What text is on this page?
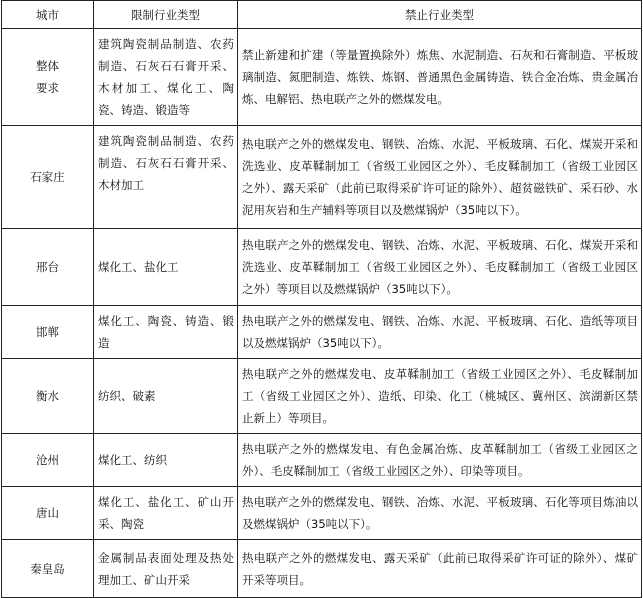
城市	限制行业类型	禁止行业类型

整体要求	建筑陶瓷制品制造、农药制造、石灰石石膏开采、木材加工、煤化工、陶瓷、铸造、锻造等	禁止新建和扩建（等量置换除外）炼焦、水泥制造、石灰和石膏制造、平板玻璃制造、氮肥制造、炼铁、炼钢、普通黑色金属铸造、铁合金冶炼、贵金属冶炼、电解铝、热电联产之外的燃煤发电。
石家庄	建筑陶瓷制品制造、农药制造、石灰石石膏开采、木材加工	热电联产之外的燃煤发电、钢铁、冶炼、水泥、平板玻璃、石化、煤炭开采和洗选业、皮革鞣制加工（省级工业园区之外）、毛皮鞣制加工（省级工业园区之外）、露天采矿（此前已取得采矿许可证的除外）、超贫磁铁矿、采石砂、水泥用灰岩和生产辅料等项目以及燃煤锅炉（35吨以下）。
邢台	煤化工、盐化工	热电联产之外的燃煤发电、钢铁、冶炼、水泥、平板玻璃、石化、煤炭开采和洗选业、皮革鞣制加工（省级工业园区之外）、毛皮鞣制加工（省级工业园区之外）等项目以及燃煤锅炉（35吨以下）。
邯郸	煤化工、陶瓷、铸造、锻造	热电联产之外的燃煤发电、钢铁、冶炼、水泥、平板玻璃、石化、造纸等项目以及燃煤锅炉（35吨以下）。
衡水	纺织、破素	热电联产之外的燃煤发电、皮革鞣制加工（省级工业园区之外）、毛皮鞣制加工（省级工业园区之外）、造纸、印染、化工（桃城区、冀州区、滨湖新区禁止新上）等项目。
沧州	煤化工、纺织	热电联产之外的燃煤发电、有色金属冶炼、皮革鞣制加工（省级工业园区之外）、毛皮鞣制加工（省级工业园区之外）、印染等项目。
唐山	煤化工、盐化工、矿山开采、陶瓷	热电联产之外的燃煤发电、钢铁、冶炼、水泥、平板玻璃、石化等项目炼油以及燃煤锅炉（35吨以下）。
秦皇岛	金属制品表面处理及热处理加工、矿山开采	热电联产之外的燃煤发电、露天采矿（此前已取得采矿许可证的除外）、煤矿开采等项目。
